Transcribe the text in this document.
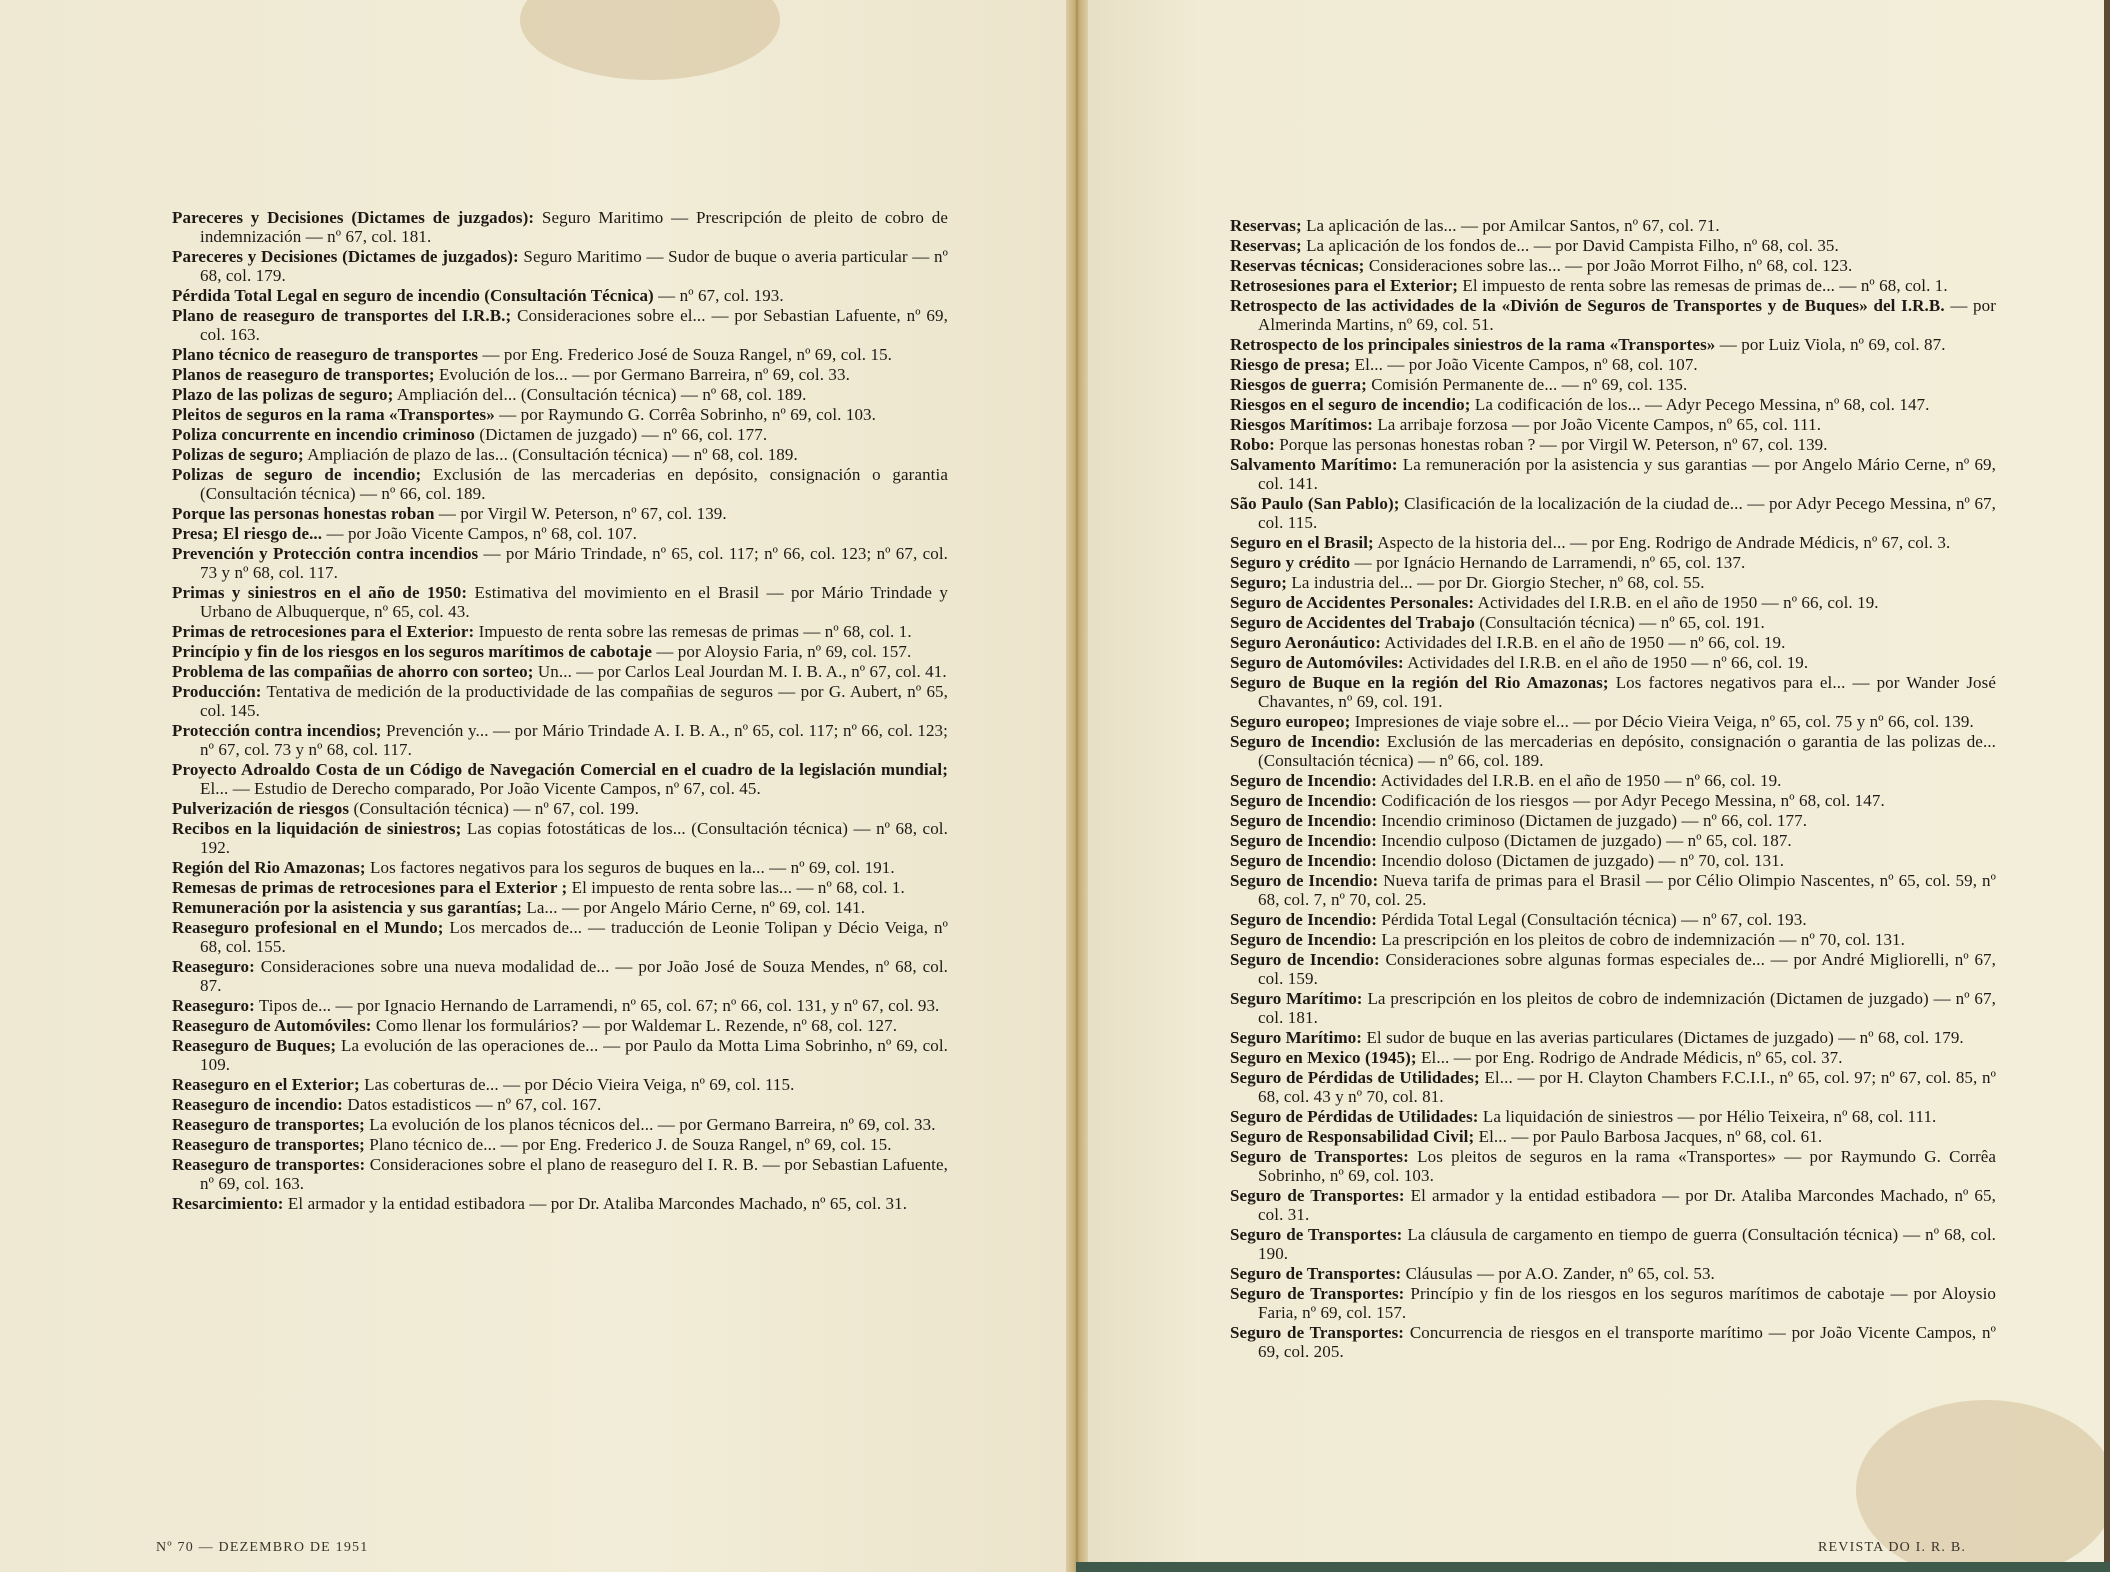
Pareceres y Decisiones (Dictames de juzgados): Seguro Maritimo — Prescripción de pleito de cobro de indemnización — nº 67, col. 181.

Pareceres y Decisiones (Dictames de juzgados): Seguro Maritimo — Sudor de buque o averia particular — nº 68, col. 179.

Pérdida Total Legal en seguro de incendio (Consultación Técnica) — nº 67, col. 193.

Plano de reaseguro de transportes del I.R.B.; Consideraciones sobre el... — por Sebastian Lafuente, nº 69, col. 163.

Plano técnico de reaseguro de transportes — por Eng. Frederico José de Souza Rangel, nº 69, col. 15.

Planos de reaseguro de transportes; Evolución de los... — por Germano Barreira, nº 69, col. 33.

Plazo de las polizas de seguro; Ampliación del... (Consultación técnica) — nº 68, col. 189.

Pleitos de seguros en la rama «Transportes» — por Raymundo G. Corrêa Sobrinho, nº 69, col. 103.

Poliza concurrente en incendio criminoso (Dictamen de juzgado) — nº 66, col. 177.

Polizas de seguro; Ampliación de plazo de las... (Consultación técnica) — nº 68, col. 189.

Polizas de seguro de incendio; Exclusión de las mercaderias en depósito, consignación o garantia (Consultación técnica) — nº 66, col. 189.

Porque las personas honestas roban — por Virgil W. Peterson, nº 67, col. 139.

Presa; El riesgo de... — por João Vicente Campos, nº 68, col. 107.

Prevención y Protección contra incendios — por Mário Trindade, nº 65, col. 117; nº 66, col. 123; nº 67, col. 73 y nº 68, col. 117.

Primas y siniestros en el año de 1950: Estimativa del movimiento en el Brasil — por Mário Trindade y Urbano de Albuquerque, nº 65, col. 43.

Primas de retrocesiones para el Exterior: Impuesto de renta sobre las remesas de primas — nº 68, col. 1.

Princípio y fin de los riesgos en los seguros marítimos de cabotaje — por Aloysio Faria, nº 69, col. 157.

Problema de las compañias de ahorro con sorteo; Un... — por Carlos Leal Jourdan M. I. B. A., nº 67, col. 41.

Producción: Tentativa de medición de la productividade de las compañias de seguros — por G. Aubert, nº 65, col. 145.

Protección contra incendios; Prevención y... — por Mário Trindade A. I. B. A., nº 65, col. 117; nº 66, col. 123; nº 67, col. 73 y nº 68, col. 117.

Proyecto Adroaldo Costa de un Código de Navegación Comercial en el cuadro de la legislación mundial; El... — Estudio de Derecho comparado, Por João Vicente Campos, nº 67, col. 45.

Pulverización de riesgos (Consultación técnica) — nº 67, col. 199.

Recibos en la liquidación de siniestros; Las copias fotostáticas de los... (Consultación técnica) — nº 68, col. 192.

Región del Rio Amazonas; Los factores negativos para los seguros de buques en la... — nº 69, col. 191.

Remesas de primas de retrocesiones para el Exterior ; El impuesto de renta sobre las... — nº 68, col. 1.

Remuneración por la asistencia y sus garantías; La... — por Angelo Mário Cerne, nº 69, col. 141.

Reaseguro profesional en el Mundo; Los mercados de... — traducción de Leonie Tolipan y Décio Veiga, nº 68, col. 155.

Reaseguro: Consideraciones sobre una nueva modalidad de... — por João José de Souza Mendes, nº 68, col. 87.

Reaseguro: Tipos de... — por Ignacio Hernando de Larramendi, nº 65, col. 67; nº 66, col. 131, y nº 67, col. 93.

Reaseguro de Automóviles: Como llenar los formulários? — por Waldemar L. Rezende, nº 68, col. 127.

Reaseguro de Buques; La evolución de las operaciones de... — por Paulo da Motta Lima Sobrinho, nº 69, col. 109.

Reaseguro en el Exterior; Las coberturas de... — por Décio Vieira Veiga, nº 69, col. 115.

Reaseguro de incendio: Datos estadisticos — nº 67, col. 167.

Reaseguro de transportes; La evolución de los planos técnicos del... — por Germano Barreira, nº 69, col. 33.

Reaseguro de transportes; Plano técnico de... — por Eng. Frederico J. de Souza Rangel, nº 69, col. 15.

Reaseguro de transportes: Consideraciones sobre el plano de reaseguro del I. R. B. — por Sebastian Lafuente, nº 69, col. 163.

Resarcimiento: El armador y la entidad estibadora — por Dr. Ataliba Marcondes Machado, nº 65, col. 31.

Nº 70 — DEZEMBRO DE 1951

Reservas; La aplicación de las... — por Amilcar Santos, nº 67, col. 71.

Reservas; La aplicación de los fondos de... — por David Campista Filho, nº 68, col. 35.

Reservas técnicas; Consideraciones sobre las... — por João Morrot Filho, nº 68, col. 123.

Retrosesiones para el Exterior; El impuesto de renta sobre las remesas de primas de... — nº 68, col. 1.

Retrospecto de las actividades de la «Divión de Seguros de Transportes y de Buques» del I.R.B. — por Almerinda Martins, nº 69, col. 51.

Retrospecto de los principales siniestros de la rama «Transportes» — por Luiz Viola, nº 69, col. 87.

Riesgo de presa; El... — por João Vicente Campos, nº 68, col. 107.

Riesgos de guerra; Comisión Permanente de... — nº 69, col. 135.

Riesgos en el seguro de incendio; La codificación de los... — Adyr Pecego Messina, nº 68, col. 147.

Riesgos Marítimos: La arribaje forzosa — por João Vicente Campos, nº 65, col. 111.

Robo: Porque las personas honestas roban ? — por Virgil W. Peterson, nº 67, col. 139.

Salvamento Marítimo: La remuneración por la asistencia y sus garantias — por Angelo Mário Cerne, nº 69, col. 141.

São Paulo (San Pablo); Clasificación de la localización de la ciudad de... — por Adyr Pecego Messina, nº 67, col. 115.

Seguro en el Brasil; Aspecto de la historia del... — por Eng. Rodrigo de Andrade Médicis, nº 67, col. 3.

Seguro y crédito — por Ignácio Hernando de Larramendi, nº 65, col. 137.

Seguro; La industria del... — por Dr. Giorgio Stecher, nº 68, col. 55.

Seguro de Accidentes Personales: Actividades del I.R.B. en el año de 1950 — nº 66, col. 19.

Seguro de Accidentes del Trabajo (Consultación técnica) — nº 65, col. 191.

Seguro Aeronáutico: Actividades del I.R.B. en el año de 1950 — nº 66, col. 19.

Seguro de Automóviles: Actividades del I.R.B. en el año de 1950 — nº 66, col. 19.

Seguro de Buque en la región del Rio Amazonas; Los factores negativos para el... — por Wander José Chavantes, nº 69, col. 191.

Seguro europeo; Impresiones de viaje sobre el... — por Décio Vieira Veiga, nº 65, col. 75 y nº 66, col. 139.

Seguro de Incendio: Exclusión de las mercaderias en depósito, consignación o garantia de las polizas de... (Consultación técnica) — nº 66, col. 189.

Seguro de Incendio: Actividades del I.R.B. en el año de 1950 — nº 66, col. 19.

Seguro de Incendio: Codificación de los riesgos — por Adyr Pecego Messina, nº 68, col. 147.

Seguro de Incendio: Incendio criminoso (Dictamen de juzgado) — nº 66, col. 177.

Seguro de Incendio: Incendio culposo (Dictamen de juzgado) — nº 65, col. 187.

Seguro de Incendio: Incendio doloso (Dictamen de juzgado) — nº 70, col. 131.

Seguro de Incendio: Nueva tarifa de primas para el Brasil — por Célio Olimpio Nascentes, nº 65, col. 59, nº 68, col. 7, nº 70, col. 25.

Seguro de Incendio: Pérdida Total Legal (Consultación técnica) — nº 67, col. 193.

Seguro de Incendio: La prescripción en los pleitos de cobro de indemnización — nº 70, col. 131.

Seguro de Incendio: Consideraciones sobre algunas formas especiales de... — por André Migliorelli, nº 67, col. 159.

Seguro Marítimo: La prescripción en los pleitos de cobro de indemnización (Dictamen de juzgado) — nº 67, col. 181.

Seguro Marítimo: El sudor de buque en las averias particulares (Dictames de juzgado) — nº 68, col. 179.

Seguro en Mexico (1945); El... — por Eng. Rodrigo de Andrade Médicis, nº 65, col. 37.

Seguro de Pérdidas de Utilidades; El... — por H. Clayton Chambers F.C.I.I., nº 65, col. 97; nº 67, col. 85, nº 68, col. 43 y nº 70, col. 81.

Seguro de Pérdidas de Utilidades: La liquidación de siniestros — por Hélio Teixeira, nº 68, col. 111.

Seguro de Responsabilidad Civil; El... — por Paulo Barbosa Jacques, nº 68, col. 61.

Seguro de Transportes: Los pleitos de seguros en la rama «Transportes» — por Raymundo G. Corrêa Sobrinho, nº 69, col. 103.

Seguro de Transportes: El armador y la entidad estibadora — por Dr. Ataliba Marcondes Machado, nº 65, col. 31.

Seguro de Transportes: La cláusula de cargamento en tiempo de guerra (Consultación técnica) — nº 68, col. 190.

Seguro de Transportes: Cláusulas — por A.O. Zander, nº 65, col. 53.

Seguro de Transportes: Princípio y fin de los riesgos en los seguros marítimos de cabotaje — por Aloysio Faria, nº 69, col. 157.

Seguro de Transportes: Concurrencia de riesgos en el transporte marítimo — por João Vicente Campos, nº 69, col. 205.

REVISTA DO I. R. B.
